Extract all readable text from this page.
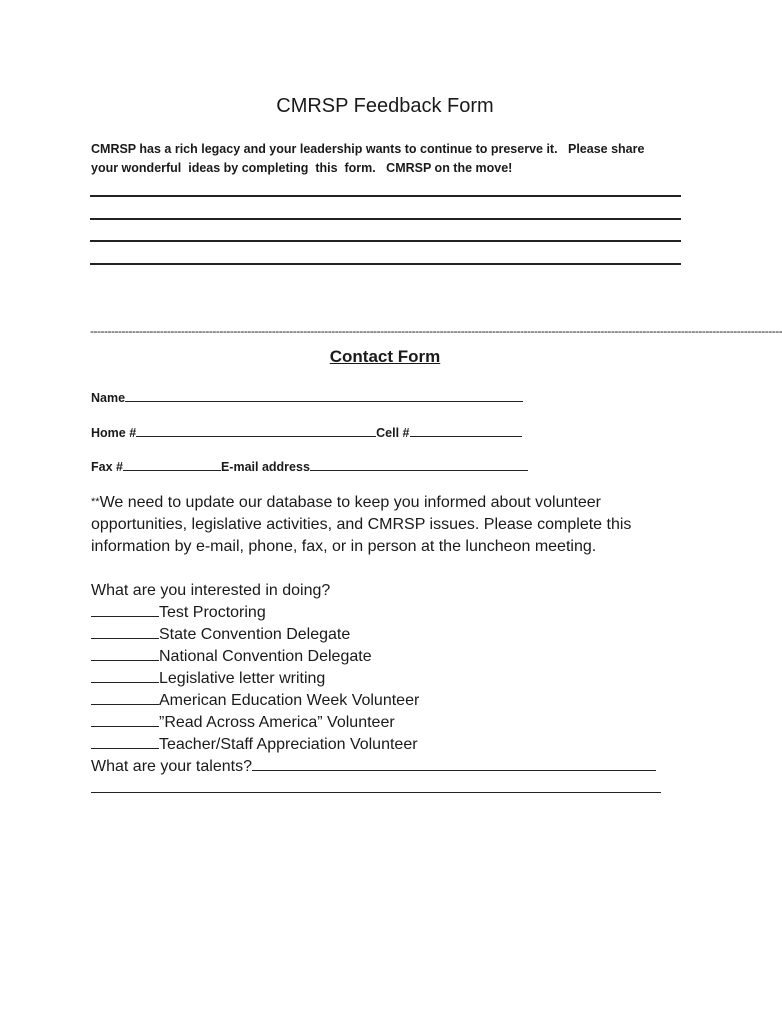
CMRSP Feedback Form

CMRSP has a rich legacy and your leadership wants to continue to preserve it.   Please share

your wonderful  ideas by completing  this  form.   CMRSP on the move!

------------------------------------------------------------------------------------------------------------------------------------------------------------------------------------------------------
Contact Form
Name
Home #	Cell #
Fax #	E-mail address
**We need to update our database to keep you informed about volunteer
opportunities, legislative activities, and CMRSP issues. Please complete this
information by e-mail, phone, fax, or in person at the luncheon meeting.
What are you interested in doing?
Test Proctoring
State Convention Delegate
National Convention Delegate
Legislative letter writing
American Education Week Volunteer
”Read Across America” Volunteer
Teacher/Staff Appreciation Volunteer
What are your talents?
